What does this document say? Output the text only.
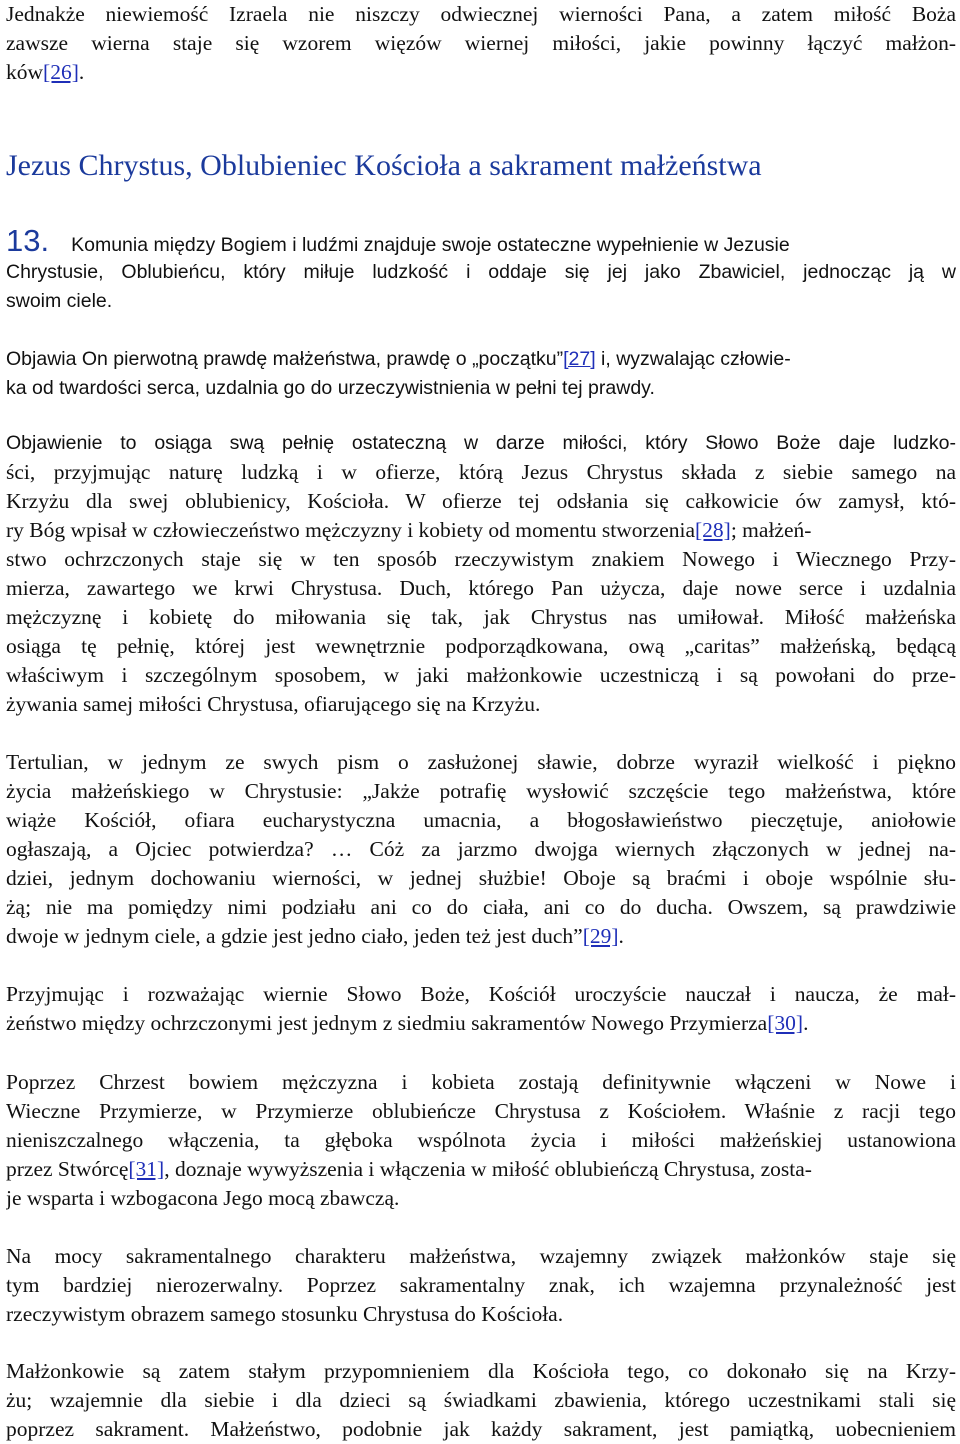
Jednakże niewiemość Izraela nie niszczy odwiecznej wierności Pana, a zatem miłość Boża
zawsze wierna staje się wzorem więzów wiernej miłości, jakie powinny łączyć małżon-
ków[26].
Jezus Chrystus, Oblubieniec Kościoła a sakrament małżeństwa
13. Komunia między Bogiem i ludźmi znajduje swoje ostateczne wypełnienie w Jezusie
Chrystusie, Oblubieńcu, który miłuje ludzkość i oddaje się jej jako Zbawiciel, jednocząc ją w
swoim ciele.
Objawia On pierwotną prawdę małżeństwa, prawdę o „początku”[27] i, wyzwalając człowie-
ka od twardości serca, uzdalnia go do urzeczywistnienia w pełni tej prawdy.
Objawienie to osiąga swą pełnię ostateczną w darze miłości, który Słowo Boże daje ludzko-
ści, przyjmując naturę ludzką i w ofierze, którą Jezus Chrystus składa z siebie samego na
Krzyżu dla swej oblubienicy, Kościoła. W ofierze tej odsłania się całkowicie ów zamysł, któ-
ry Bóg wpisał w człowieczeństwo mężczyzny i kobiety od momentu stworzenia[28]; małżeń-
stwo ochrzczonych staje się w ten sposób rzeczywistym znakiem Nowego i Wiecznego Przy-
mierza, zawartego we krwi Chrystusa. Duch, którego Pan użycza, daje nowe serce i uzdalnia
mężczyznę i kobietę do miłowania się tak, jak Chrystus nas umiłował. Miłość małżeńska
osiąga tę pełnię, której jest wewnętrznie podporządkowana, ową „caritas” małżeńską, będącą
właściwym i szczególnym sposobem, w jaki małżonkowie uczestniczą i są powołani do prze-
żywania samej miłości Chrystusa, ofiarującego się na Krzyżu.
Tertulian, w jednym ze swych pism o zasłużonej sławie, dobrze wyraził wielkość i piękno
życia małżeńskiego w Chrystusie: „Jakże potrafię wysłowić szczęście tego małżeństwa, które
wiąże Kościół, ofiara eucharystyczna umacnia, a błogosławieństwo pieczętuje, aniołowie
ogłaszają, a Ojciec potwierdza? … Cóż za jarzmo dwojga wiernych złączonych w jednej na-
dziei, jednym dochowaniu wierności, w jednej służbie! Oboje są braćmi i oboje wspólnie słu-
żą; nie ma pomiędzy nimi podziału ani co do ciała, ani co do ducha. Owszem, są prawdziwie
dwoje w jednym ciele, a gdzie jest jedno ciało, jeden też jest duch”[29].
Przyjmując i rozważając wiernie Słowo Boże, Kościół uroczyście nauczał i naucza, że mał-
żeństwo między ochrzczonymi jest jednym z siedmiu sakramentów Nowego Przymierza[30].
Poprzez Chrzest bowiem mężczyzna i kobieta zostają definitywnie włączeni w Nowe i
Wieczne Przymierze, w Przymierze oblubieńcze Chrystusa z Kościołem. Właśnie z racji tego
nieniszczalnego włączenia, ta głęboka wspólnota życia i miłości małżeńskiej ustanowiona
przez Stwórcę[31], doznaje wywyższenia i włączenia w miłość oblubieńczą Chrystusa, zosta-
je wsparta i wzbogacona Jego mocą zbawczą.
Na mocy sakramentalnego charakteru małżeństwa, wzajemny związek małżonków staje się
tym bardziej nierozerwalny. Poprzez sakramentalny znak, ich wzajemna przynależność jest
rzeczywistym obrazem samego stosunku Chrystusa do Kościoła.
Małżonkowie są zatem stałym przypomnieniem dla Kościoła tego, co dokonało się na Krzy-
żu; wzajemnie dla siebie i dla dzieci są świadkami zbawienia, którego uczestnikami stali się
poprzez sakrament. Małżeństwo, podobnie jak każdy sakrament, jest pamiątką, uobecnieniem
